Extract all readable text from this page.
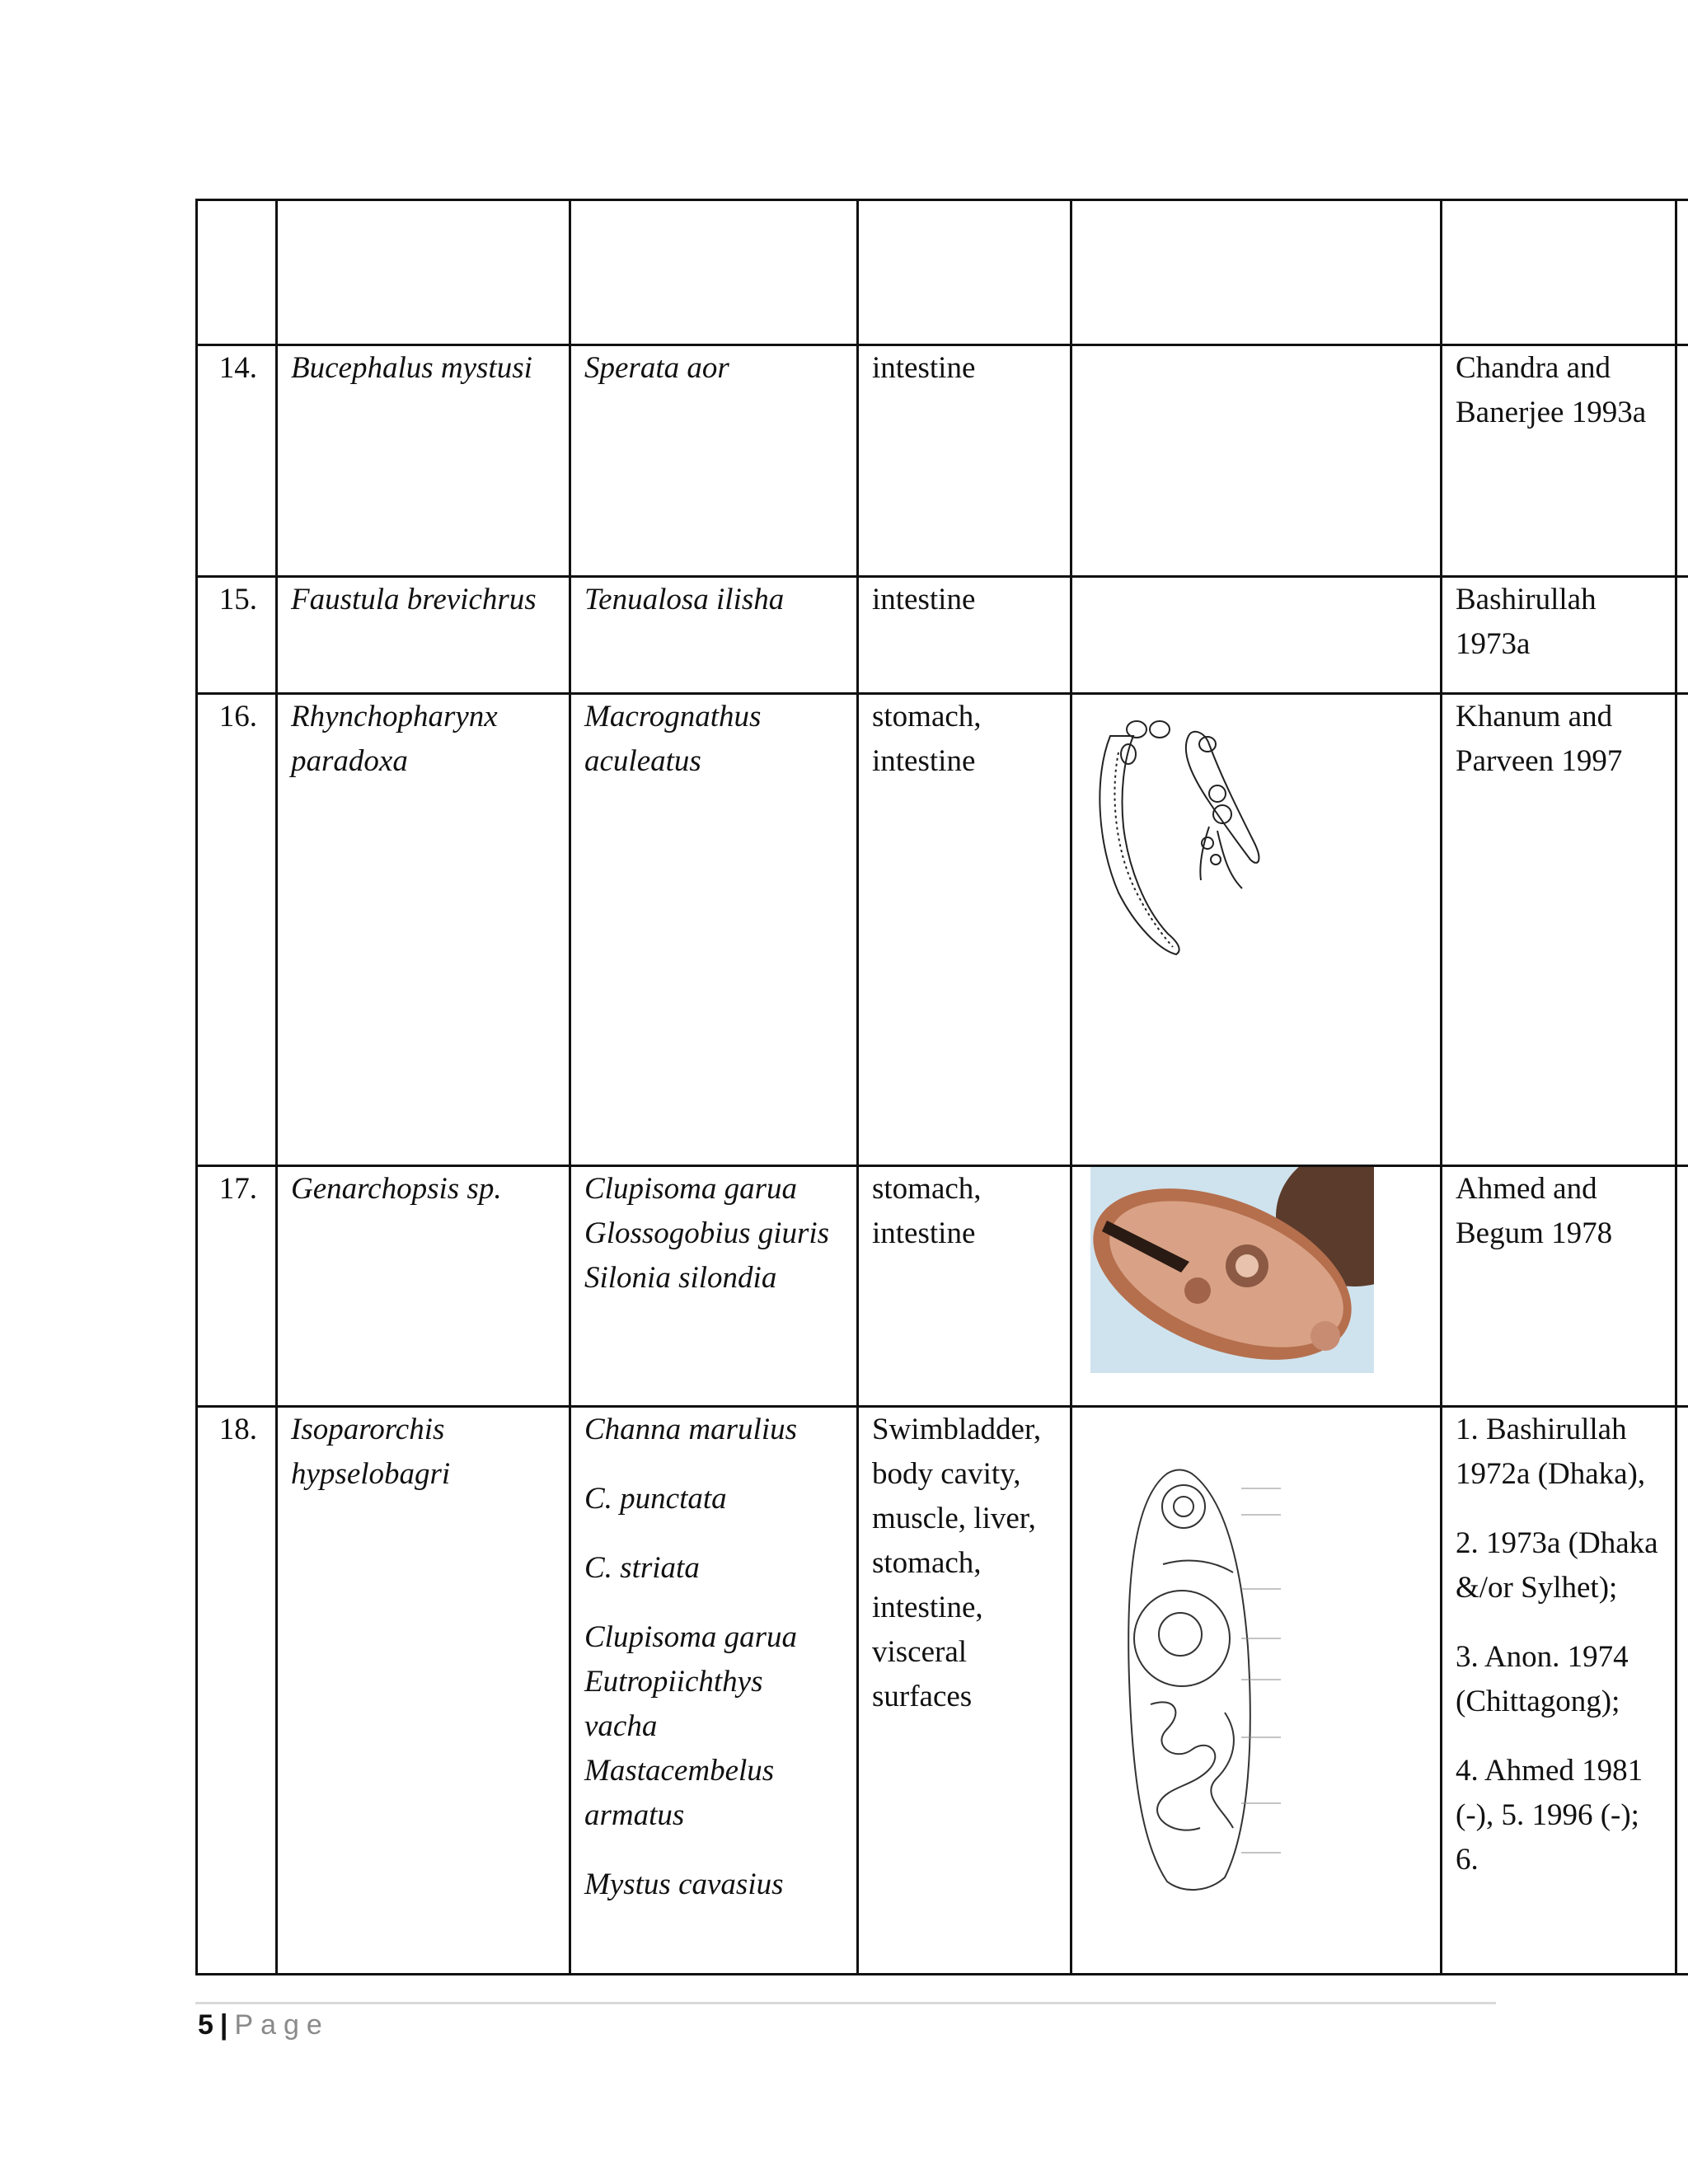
14.	Bucephalus mystusi	Sperata aor	intestine		Chandra and Banerjee 1993a	

15.	Faustula brevichrus	Tenualosa ilisha	intestine		Bashirullah 1973a	

16.	Rhynchopharynx paradoxa	Macrognathus aculeatus	stomach, intestine		Khanum and Parveen 1997	

17.	Genarchopsis sp.	Clupisoma garua Glossogobius giuris Silonia silondia	stomach, intestine		Ahmed and Begum 1978	

18.	Isoparorchis hypselobagri	Channa marulius
C. punctata
C. striata
Clupisoma garua Eutropiichthys vacha Mastacembelus armatus
Mystus cavasius	Swimbladder, body cavity, muscle, liver, stomach, intestine, visceral surfaces		1. Bashirullah 1972a (Dhaka),
2. 1973a (Dhaka &/or Sylhet);
3. Anon. 1974 (Chittagong);
4. Ahmed 1981 (-), 5. 1996 (-); 6.	

5 | Page
